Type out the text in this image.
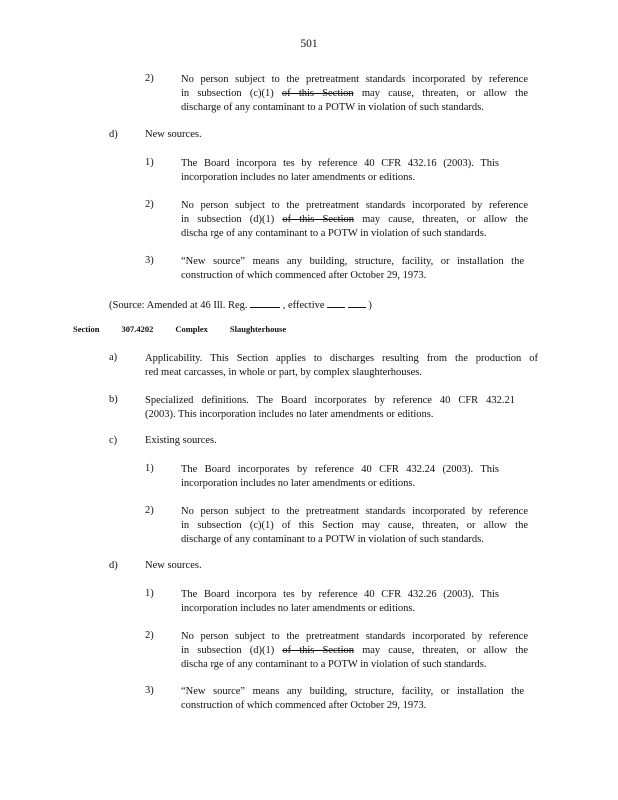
501
2)	No person subject to the pretreatment standards incorporated by reference
in subsection (c)(1) of this Section may cause, threaten, or allow the
discharge of any contaminant to a POTW in violation of such standards.

d)	New sources.
1)	The Board incorpora tes by reference 40 CFR 432.16 (2003). This
incorporation includes no later amendments or editions.

2)	No person subject to the pretreatment standards incorporated by reference
in subsection (d)(1) of this Section may cause, threaten, or allow the
discha rge of any contaminant to a POTW in violation of such standards.

3)	“New source” means any building, structure, facility, or installation the
construction of which commenced after October 29, 1973.

(Source: Amended at 46 Ill. Reg.	, effective	)
Section	307.4202	Complex	Slaughterhouse
a)	Applicability. This Section applies to discharges resulting from the production of
red meat carcasses, in whole or part, by complex slaughterhouses.

b)	Specialized definitions. The Board incorporates by reference 40 CFR 432.21
(2003). This incorporation includes no later amendments or editions.

c)	Existing sources.
1)	The Board incorporates by reference 40 CFR 432.24 (2003). This
incorporation includes no later amendments or editions.

2)	No person subject to the pretreatment standards incorporated by reference
in subsection (c)(1) of this Section may cause, threaten, or allow the
discharge of any contaminant to a POTW in violation of such standards.

d)	New sources.
1)	The Board incorpora tes by reference 40 CFR 432.26 (2003). This
incorporation includes no later amendments or editions.

2)	No person subject to the pretreatment standards incorporated by reference
in subsection (d)(1) of this Section may cause, threaten, or allow the
discha rge of any contaminant to a POTW in violation of such standards.

3)	“New source” means any building, structure, facility, or installation the
construction of which commenced after October 29, 1973.
